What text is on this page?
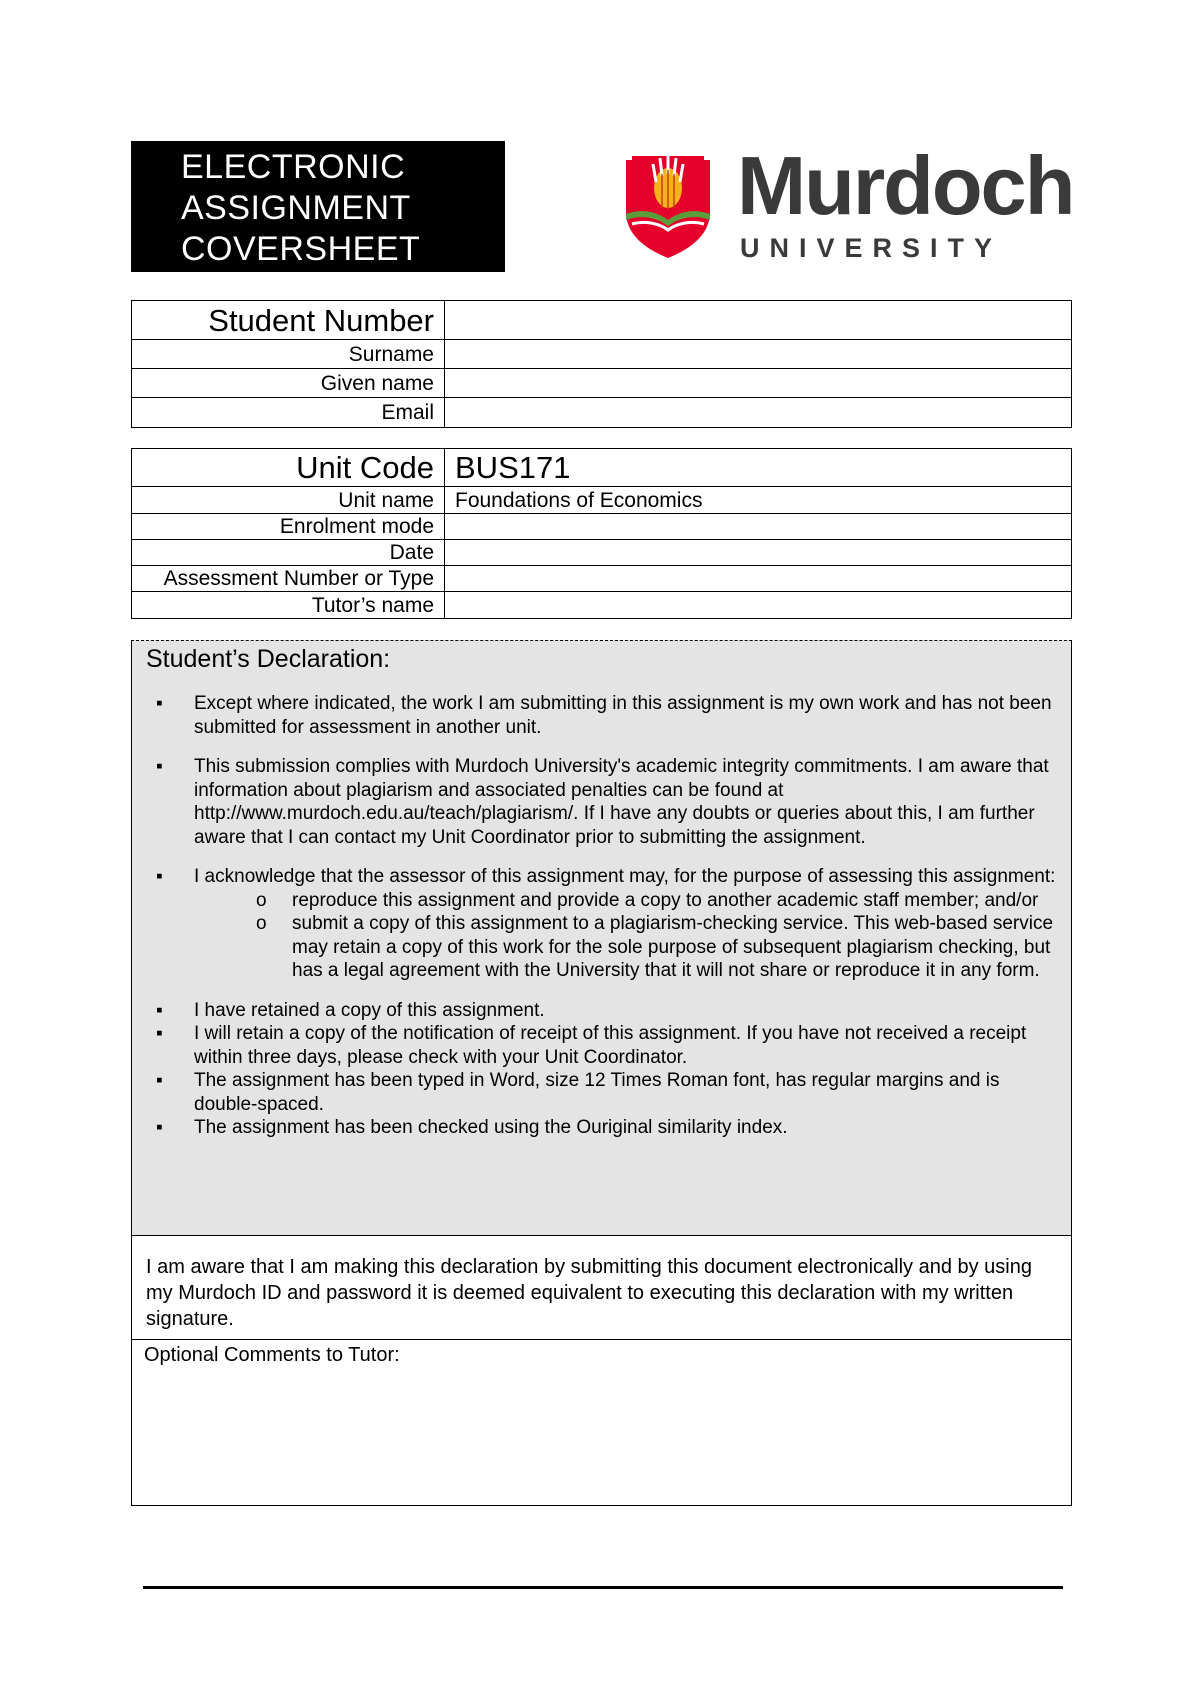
ELECTRONIC
ASSIGNMENT
COVERSHEET
Murdoch
UNIVERSITY
Student Number	
Surname	
Given name	
Email	
Unit Code	BUS171
Unit name	Foundations of Economics
Enrolment mode	
Date	
Assessment Number or Type	
Tutor’s name	
Student’s Declaration:
▪ Except where indicated, the work I am submitting in this assignment is my own work and has not been submitted for assessment in another unit.
▪ This submission complies with Murdoch University's academic integrity commitments. I am aware that information about plagiarism and associated penalties can be found at http://www.murdoch.edu.au/teach/plagiarism/. If I have any doubts or queries about this, I am further aware that I can contact my Unit Coordinator prior to submitting the assignment.
▪ I acknowledge that the assessor of this assignment may, for the purpose of assessing this assignment:
o reproduce this assignment and provide a copy to another academic staff member; and/or
o submit a copy of this assignment to a plagiarism-checking service. This web-based service may retain a copy of this work for the sole purpose of subsequent plagiarism checking, but has a legal agreement with the University that it will not share or reproduce it in any form.
▪ I have retained a copy of this assignment.
▪ I will retain a copy of the notification of receipt of this assignment. If you have not received a receipt within three days, please check with your Unit Coordinator.
▪ The assignment has been typed in Word, size 12 Times Roman font, has regular margins and is double-spaced.
▪ The assignment has been checked using the Ouriginal similarity index.
I am aware that I am making this declaration by submitting this document electronically and by using my Murdoch ID and password it is deemed equivalent to executing this declaration with my written signature.
Optional Comments to Tutor:
